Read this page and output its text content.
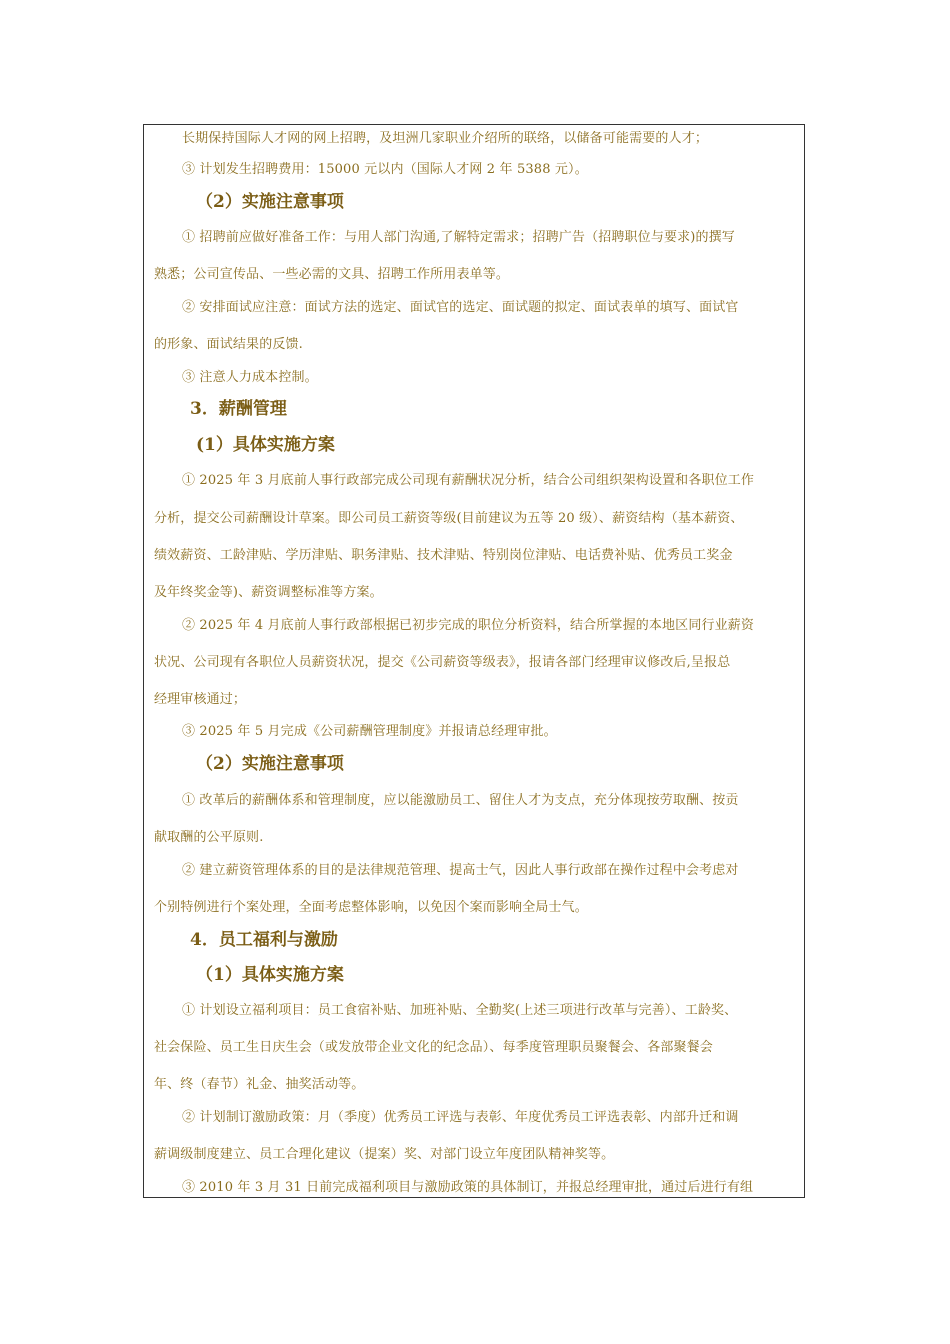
长期保持国际人才网的网上招聘，及坦洲几家职业介绍所的联络，以储备可能需要的人才；
③ 计划发生招聘费用：15000 元以内（国际人才网 2 年 5388 元）。
（2）实施注意事项
① 招聘前应做好准备工作：与用人部门沟通,了解特定需求；招聘广告（招聘职位与要求)的撰写
熟悉；公司宣传品、一些必需的文具、招聘工作所用表单等。
② 安排面试应注意：面试方法的选定、面试官的选定、面试题的拟定、面试表单的填写、面试官
的形象、面试结果的反馈.
③ 注意人力成本控制。
3．薪酬管理
(1）具体实施方案
① 2025 年 3 月底前人事行政部完成公司现有薪酬状况分析，结合公司组织架构设置和各职位工作
分析，提交公司薪酬设计草案。即公司员工薪资等级(目前建议为五等 20 级）、薪资结构（基本薪资、
绩效薪资、工龄津贴、学历津贴、职务津贴、技术津贴、特别岗位津贴、电话费补贴、优秀员工奖金
及年终奖金等)、薪资调整标准等方案。
② 2025 年 4 月底前人事行政部根据已初步完成的职位分析资料，结合所掌握的本地区同行业薪资
状况、公司现有各职位人员薪资状况，提交《公司薪资等级表》，报请各部门经理审议修改后,呈报总
经理审核通过；
③ 2025 年 5 月完成《公司薪酬管理制度》并报请总经理审批。
（2）实施注意事项
① 改革后的薪酬体系和管理制度，应以能激励员工、留住人才为支点，充分体现按劳取酬、按贡
献取酬的公平原则.
② 建立薪资管理体系的目的是法律规范管理、提高士气，因此人事行政部在操作过程中会考虑对
个别特例进行个案处理，全面考虑整体影响，以免因个案而影响全局士气。
4．员工福利与激励
（1）具体实施方案
① 计划设立福利项目：员工食宿补贴、加班补贴、全勤奖(上述三项进行改革与完善）、工龄奖、
社会保险、员工生日庆生会（或发放带企业文化的纪念品）、每季度管理职员聚餐会、各部聚餐会
年、终（春节）礼金、抽奖活动等。
② 计划制订激励政策：月（季度）优秀员工评选与表彰、年度优秀员工评选表彰、内部升迁和调
薪调级制度建立、员工合理化建议（提案）奖、对部门设立年度团队精神奖等。
③ 2010 年 3 月 31 日前完成福利项目与激励政策的具体制订，并报总经理审批，通过后进行有组
